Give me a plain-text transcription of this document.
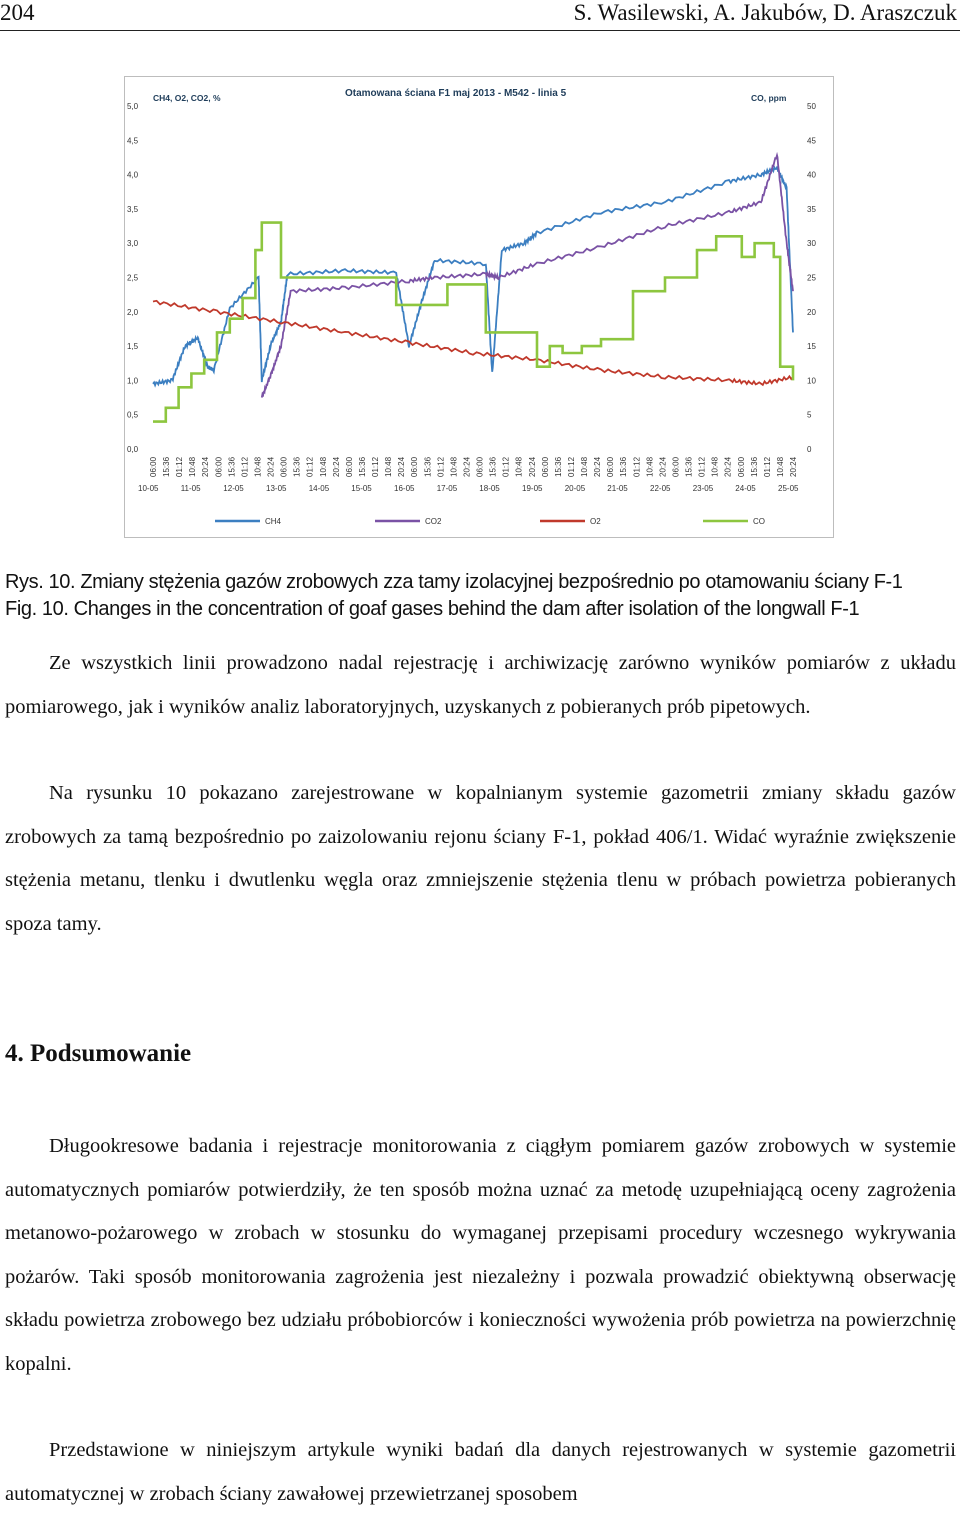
204	S. Wasilewski, A. Jakubów, D. Araszczuk
Otamowana ściana F1 maj 2013 - M542 - linia 5
CH4, O2, CO2, %	CO, ppm
0,0
0,5
1,0
1,5
2,0
2,5
3,0
3,5
4,0
4,5
5,0
0
5
10
15
20
25
30
35
40
45
50
06:00 15:36 01:12 10:48 20:24 06:00 15:36 01:12 10:48 20:24 06:00 15:36 01:12 10:48 20:24 06:00 15:36 01:12 10:48 20:24 06:00 15:36 01:12 10:48 20:24 06:00 15:36 01:12 10:48 20:24 06:00 15:36 01:12 10:48 20:24 06:00 15:36 01:12 10:48 20:24 06:00 15:36 01:12 10:48 20:24 06:00 15:36 01:12 10:48 20:24
10-05	11-05	12-05	13-05	14-05	15-05	16-05	17-05	18-05	19-05	20-05	21-05	22-05	23-05	24-05	25-05
CH4	CO2	O2	CO
Rys. 10. Zmiany stężenia gazów zrobowych zza tamy izolacyjnej bezpośrednio po otamowaniu ściany F-1
Fig. 10. Changes in the concentration of goaf gases behind the dam after isolation of the longwall F-1

Ze wszystkich linii prowadzono nadal rejestrację i archiwizację zarówno wyników pomiarów z układu pomiarowego, jak i wyników analiz laboratoryjnych, uzyskanych z pobieranych prób pipetowych.

Na rysunku 10 pokazano zarejestrowane w kopalnianym systemie gazometrii zmiany składu gazów zrobowych za tamą bezpośrednio po zaizolowaniu rejonu ściany F-1, pokład 406/1. Widać wyraźnie zwiększenie stężenia metanu, tlenku i dwutlenku węgla oraz zmniejszenie stężenia tlenu w próbach powietrza pobieranych spoza tamy.

4. Podsumowanie

Długookresowe badania i rejestracje monitorowania z ciągłym pomiarem gazów zrobowych w systemie automatycznych pomiarów potwierdziły, że ten sposób można uznać za metodę uzupełniającą oceny zagrożenia metanowo-pożarowego w zrobach w stosunku do wymaganej przepisami procedury wczesnego wykrywania pożarów. Taki sposób monitorowania zagrożenia jest niezależny i pozwala prowadzić obiektywną obserwację składu powietrza zrobowego bez udziału próbobiorców i konieczności wywożenia prób powietrza na powierzchnię kopalni.

Przedstawione w niniejszym artykule wyniki badań dla danych rejestrowanych w systemie gazometrii automatycznej w zrobach ściany zawałowej przewietrzanej sposobem
